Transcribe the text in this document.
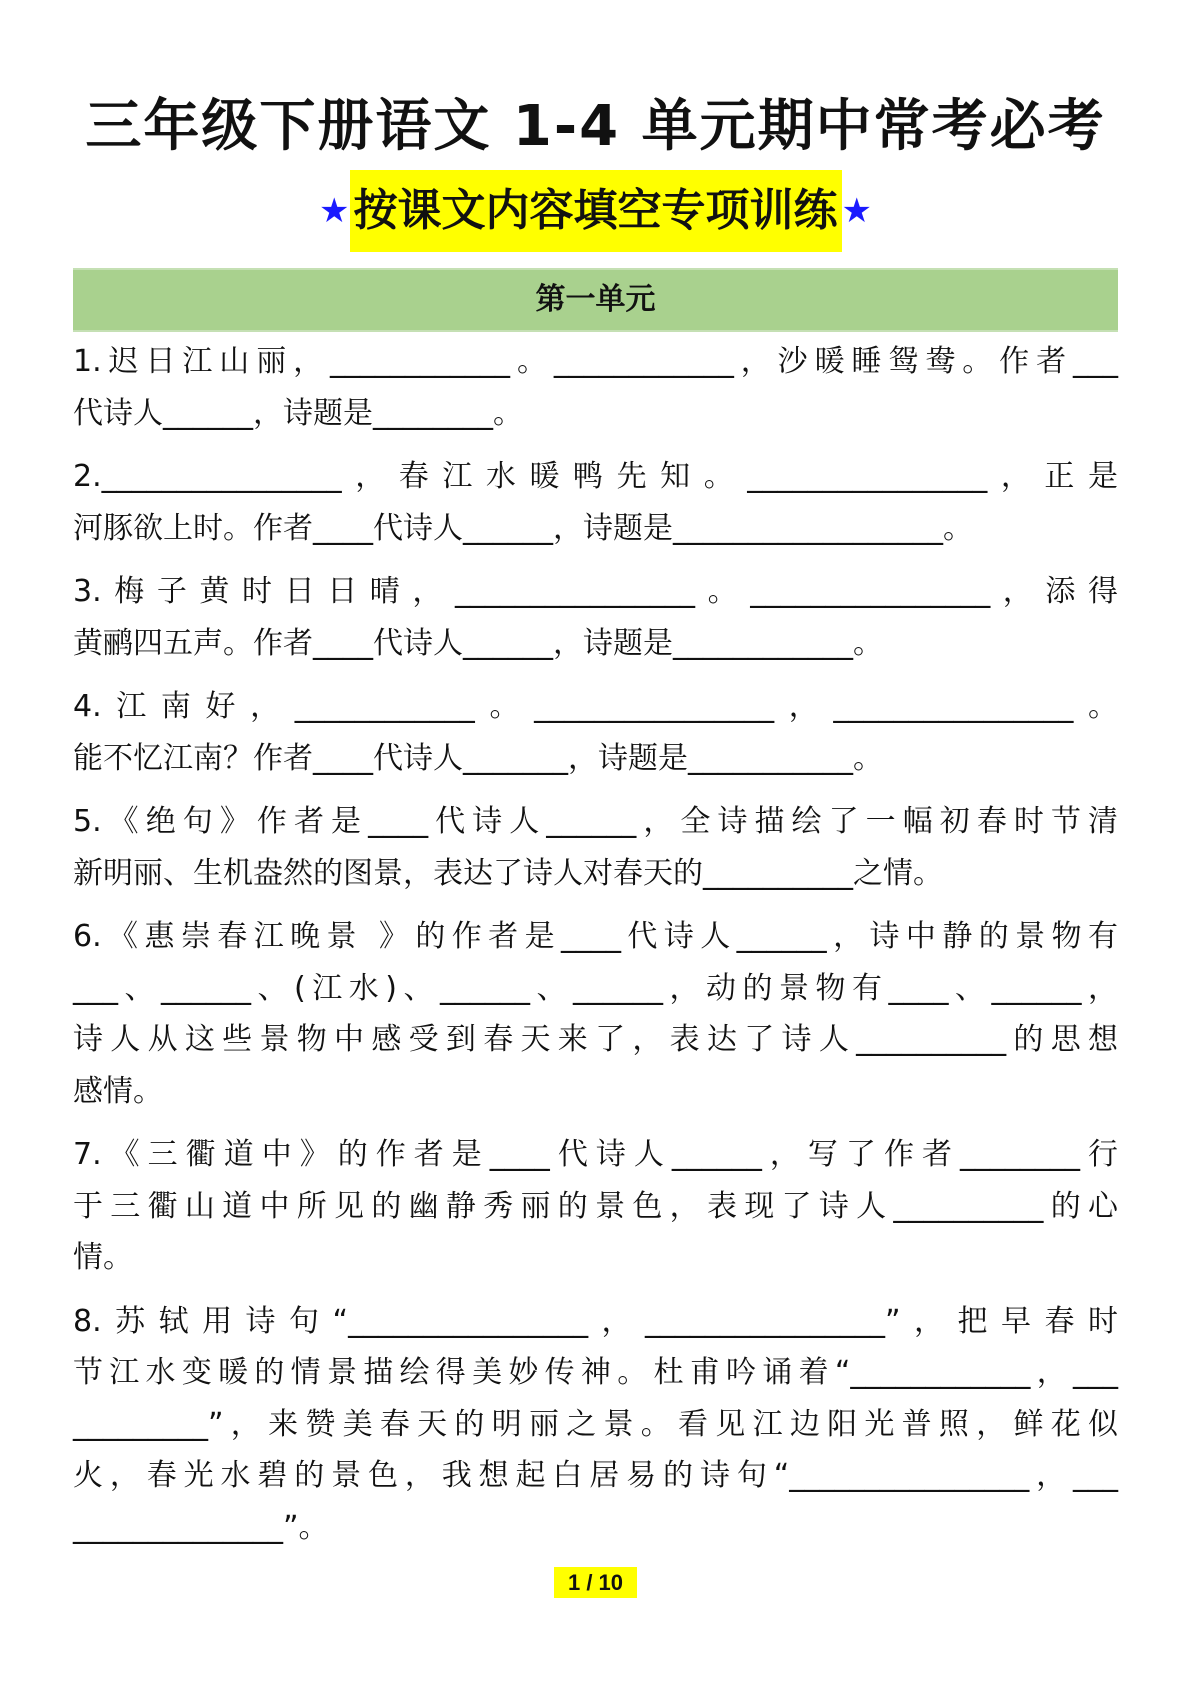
三年级下册语文 1-4 单元期中常考必考
★按课文内容填空专项训练 ★
第一单元
1.迟日江山丽，____________。____________，沙暖睡鸳鸯。作者___
代诗人______，诗题是________。
2.________________，春江水暖鸭先知。________________，正是
河豚欲上时。作者____代诗人______，诗题是__________________。
3.梅子黄时日日晴，________________。________________，添得
黄鹂四五声。作者____代诗人______，诗题是____________。
4.江南好，____________。________________，________________。
能不忆江南？作者____代诗人_______，诗题是___________。
5.《绝句》作者是____代诗人______，全诗描绘了一幅初春时节清
新明丽、生机盎然的图景，表达了诗人对春天的__________之情。
6.《惠崇春江晚景 》的作者是____代诗人______，诗中静的景物有
___、______、(江水)、______、______，动的景物有____、______，
诗人从这些景物中感受到春天来了，表达了诗人__________的思想
感情。
7.《三衢道中》的作者是____代诗人______，写了作者________行
于三衢山道中所见的幽静秀丽的景色，表现了诗人__________的心
情。
8.苏轼用诗句“________________，________________”，把早春时
节江水变暖的情景描绘得美妙传神。杜甫吟诵着“____________，___
_________”，来赞美春天的明丽之景。看见江边阳光普照，鲜花似
火，春光水碧的景色，我想起白居易的诗句“________________，___
______________”。
1 / 10
